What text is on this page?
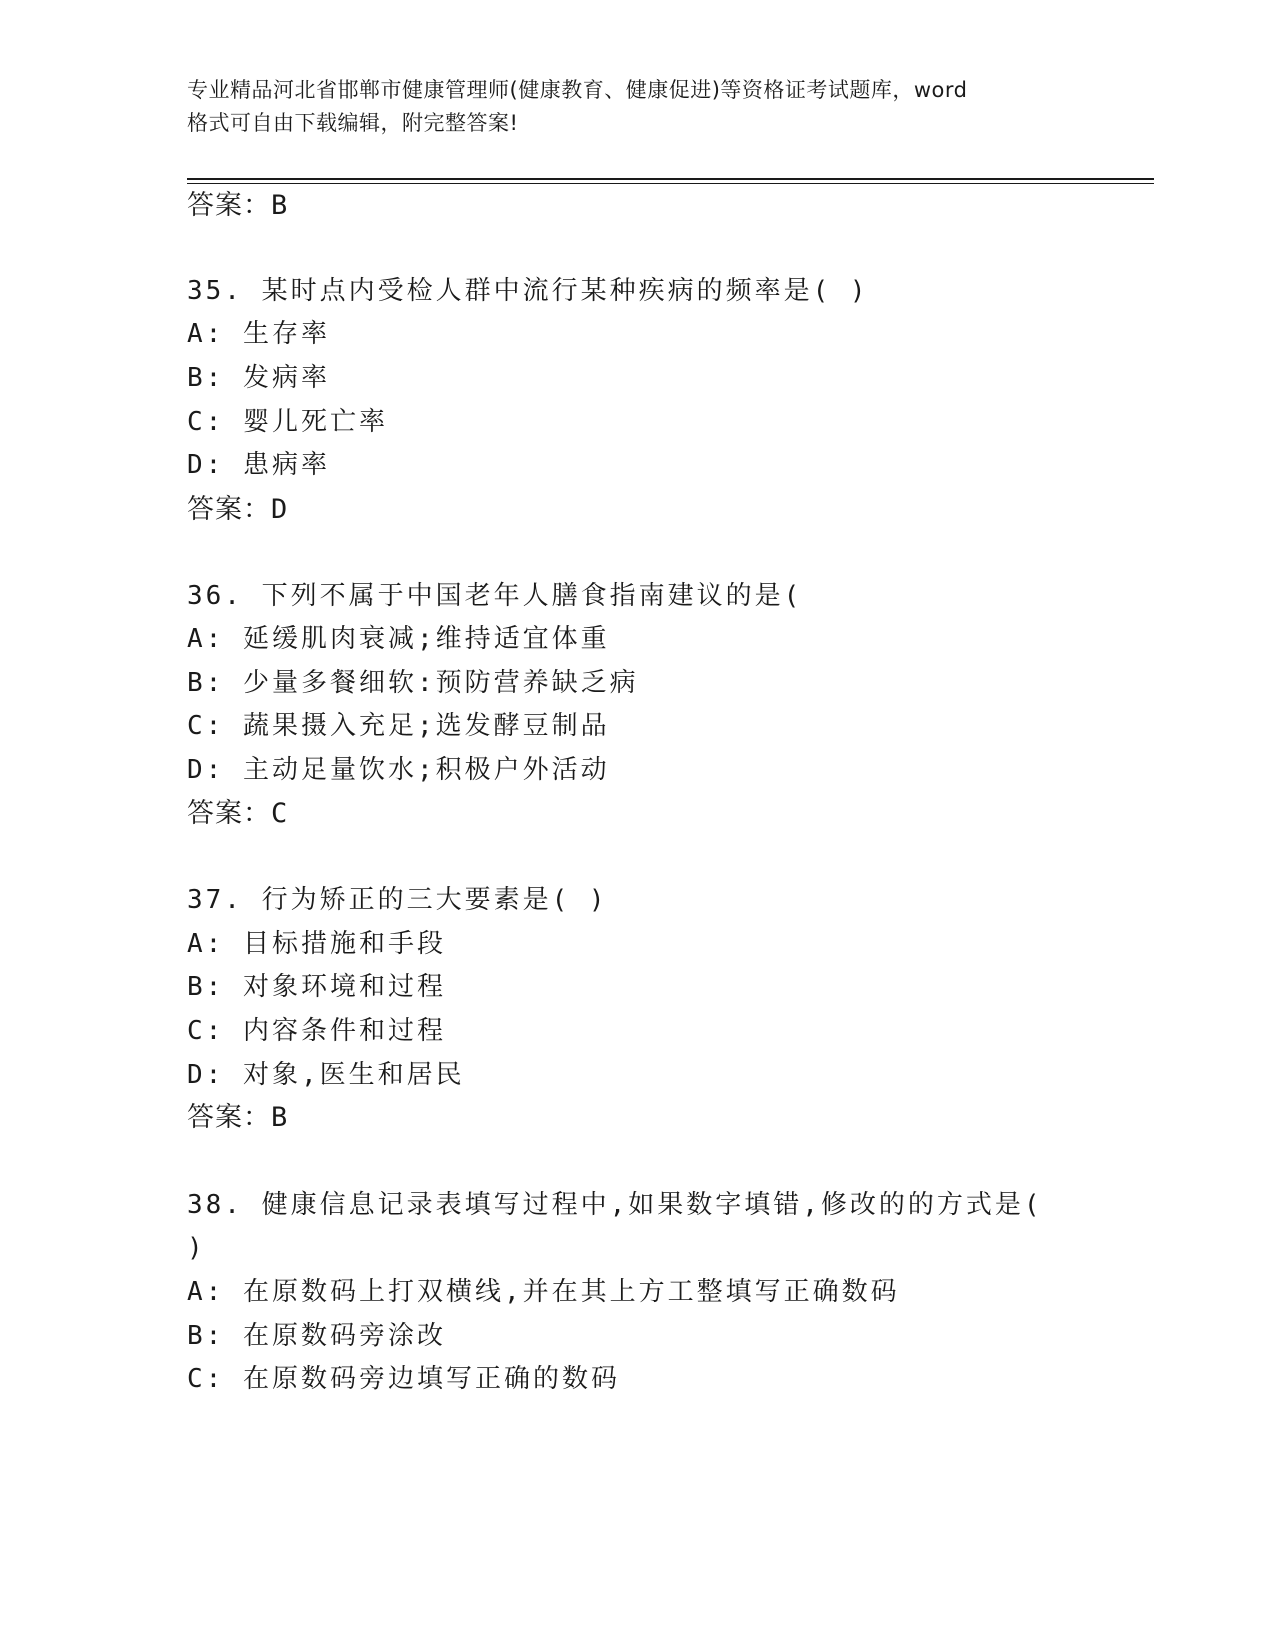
专业精品河北省邯郸市健康管理师(健康教育、健康促进)等资格证考试题库，word
格式可自由下载编辑，附完整答案!
答案：B
35. 某时点内受检人群中流行某种疾病的频率是( )
A: 生存率
B: 发病率
C: 婴儿死亡率
D: 患病率
答案：D
36. 下列不属于中国老年人膳食指南建议的是(
A: 延缓肌肉衰减;维持适宜体重
B: 少量多餐细软:预防营养缺乏病
C: 蔬果摄入充足;选发酵豆制品
D: 主动足量饮水;积极户外活动
答案：C
37. 行为矫正的三大要素是( )
A: 目标措施和手段
B: 对象环境和过程
C: 内容条件和过程
D: 对象,医生和居民
答案：B
38. 健康信息记录表填写过程中,如果数字填错,修改的的方式是(
)
A: 在原数码上打双横线,并在其上方工整填写正确数码
B: 在原数码旁涂改
C: 在原数码旁边填写正确的数码
